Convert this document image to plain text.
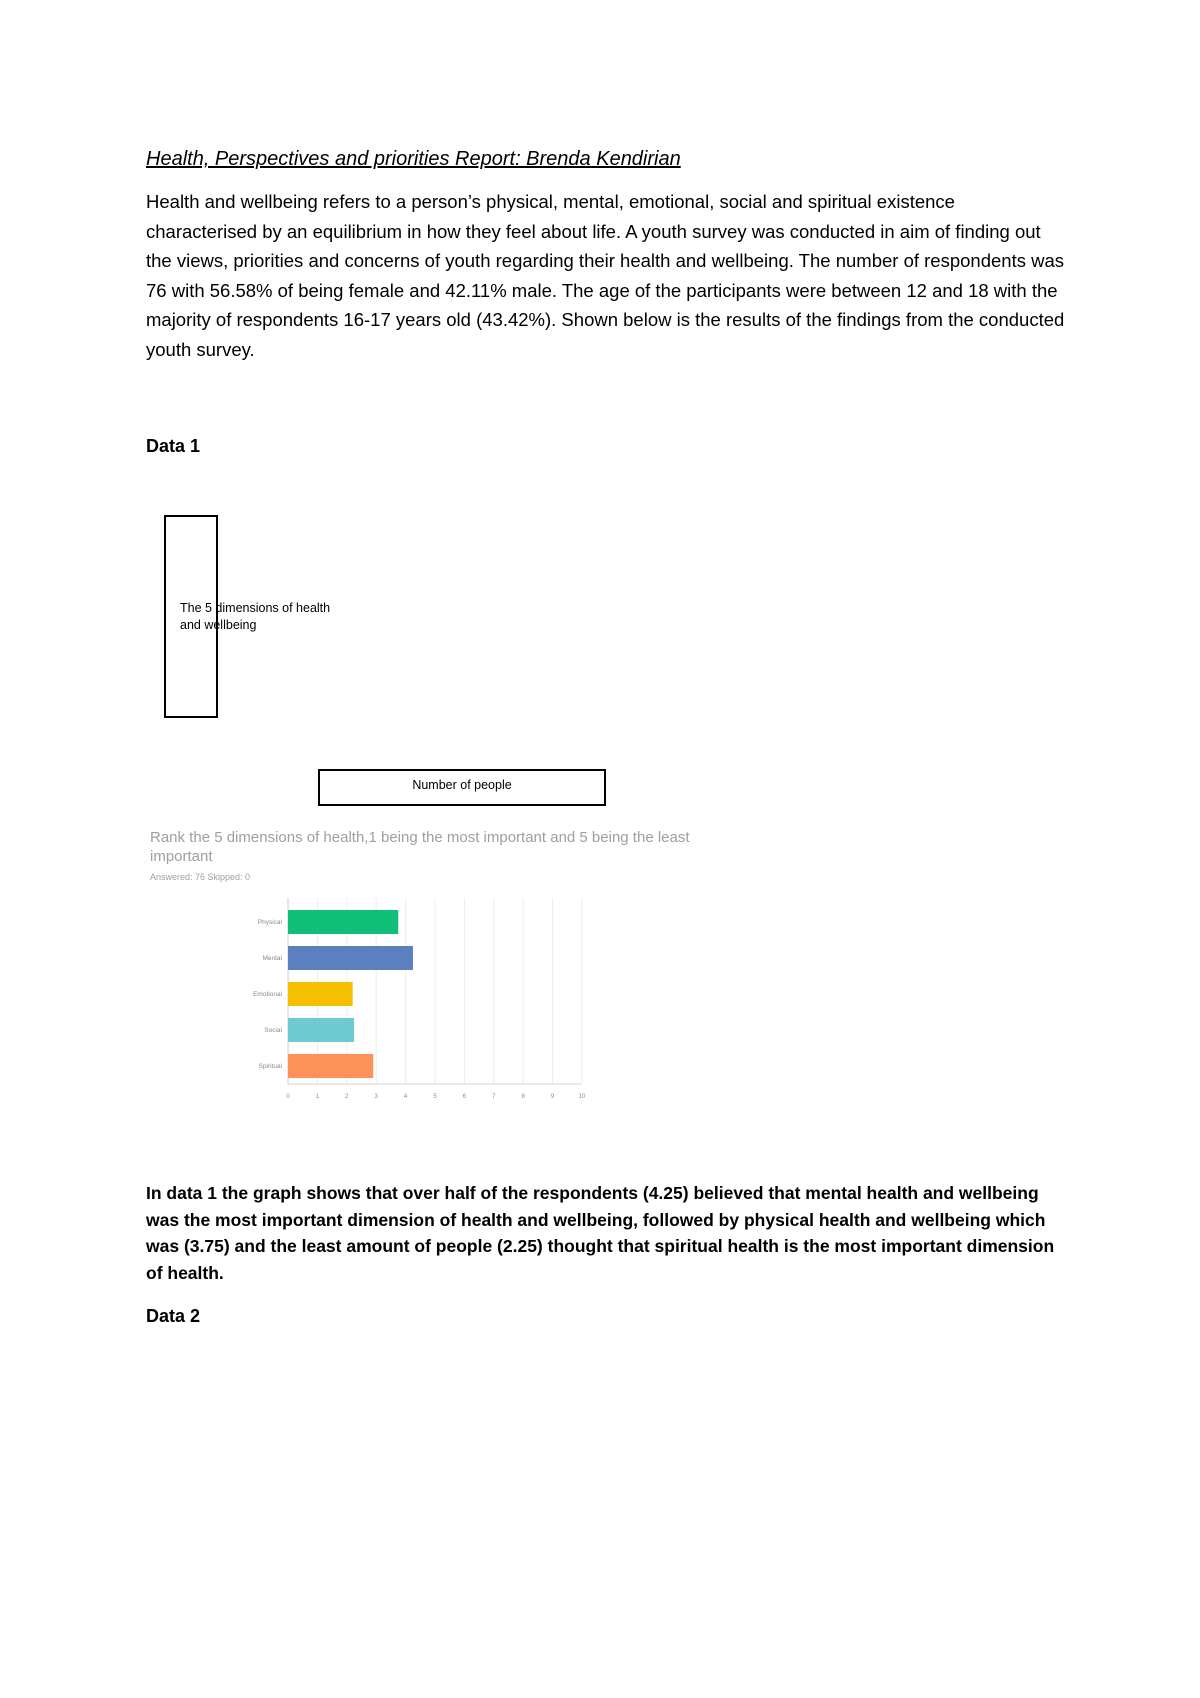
Health, Perspectives and priorities Report: Brenda Kendirian

Health and wellbeing refers to a person’s physical, mental, emotional, social and spiritual existence characterised by an equilibrium in how they feel about life. A youth survey was conducted in aim of finding out the views, priorities and concerns of youth regarding their health and wellbeing. The number of respondents was 76 with 56.58% of being female and 42.11% male. The age of the participants were between 12 and 18 with the majority of respondents 16-17 years old (43.42%). Shown below is the results of the findings from the conducted youth survey.

Data 1
The 5 dimensions of health
and wellbeing
Number of people
Rank the 5 dimensions of health,1 being the most important and 5 being the least important
Answered: 76 Skipped: 0
0	1	2	3	4	5	6	7	8	9	10
Physical
Mental
Emotional
Social
Spiritual

In data 1 the graph shows that over half of the respondents (4.25) believed that mental health and wellbeing was the most important dimension of health and wellbeing, followed by physical health and wellbeing which was (3.75) and the least amount of people (2.25) thought that spiritual health is the most important dimension of health.

Data 2
